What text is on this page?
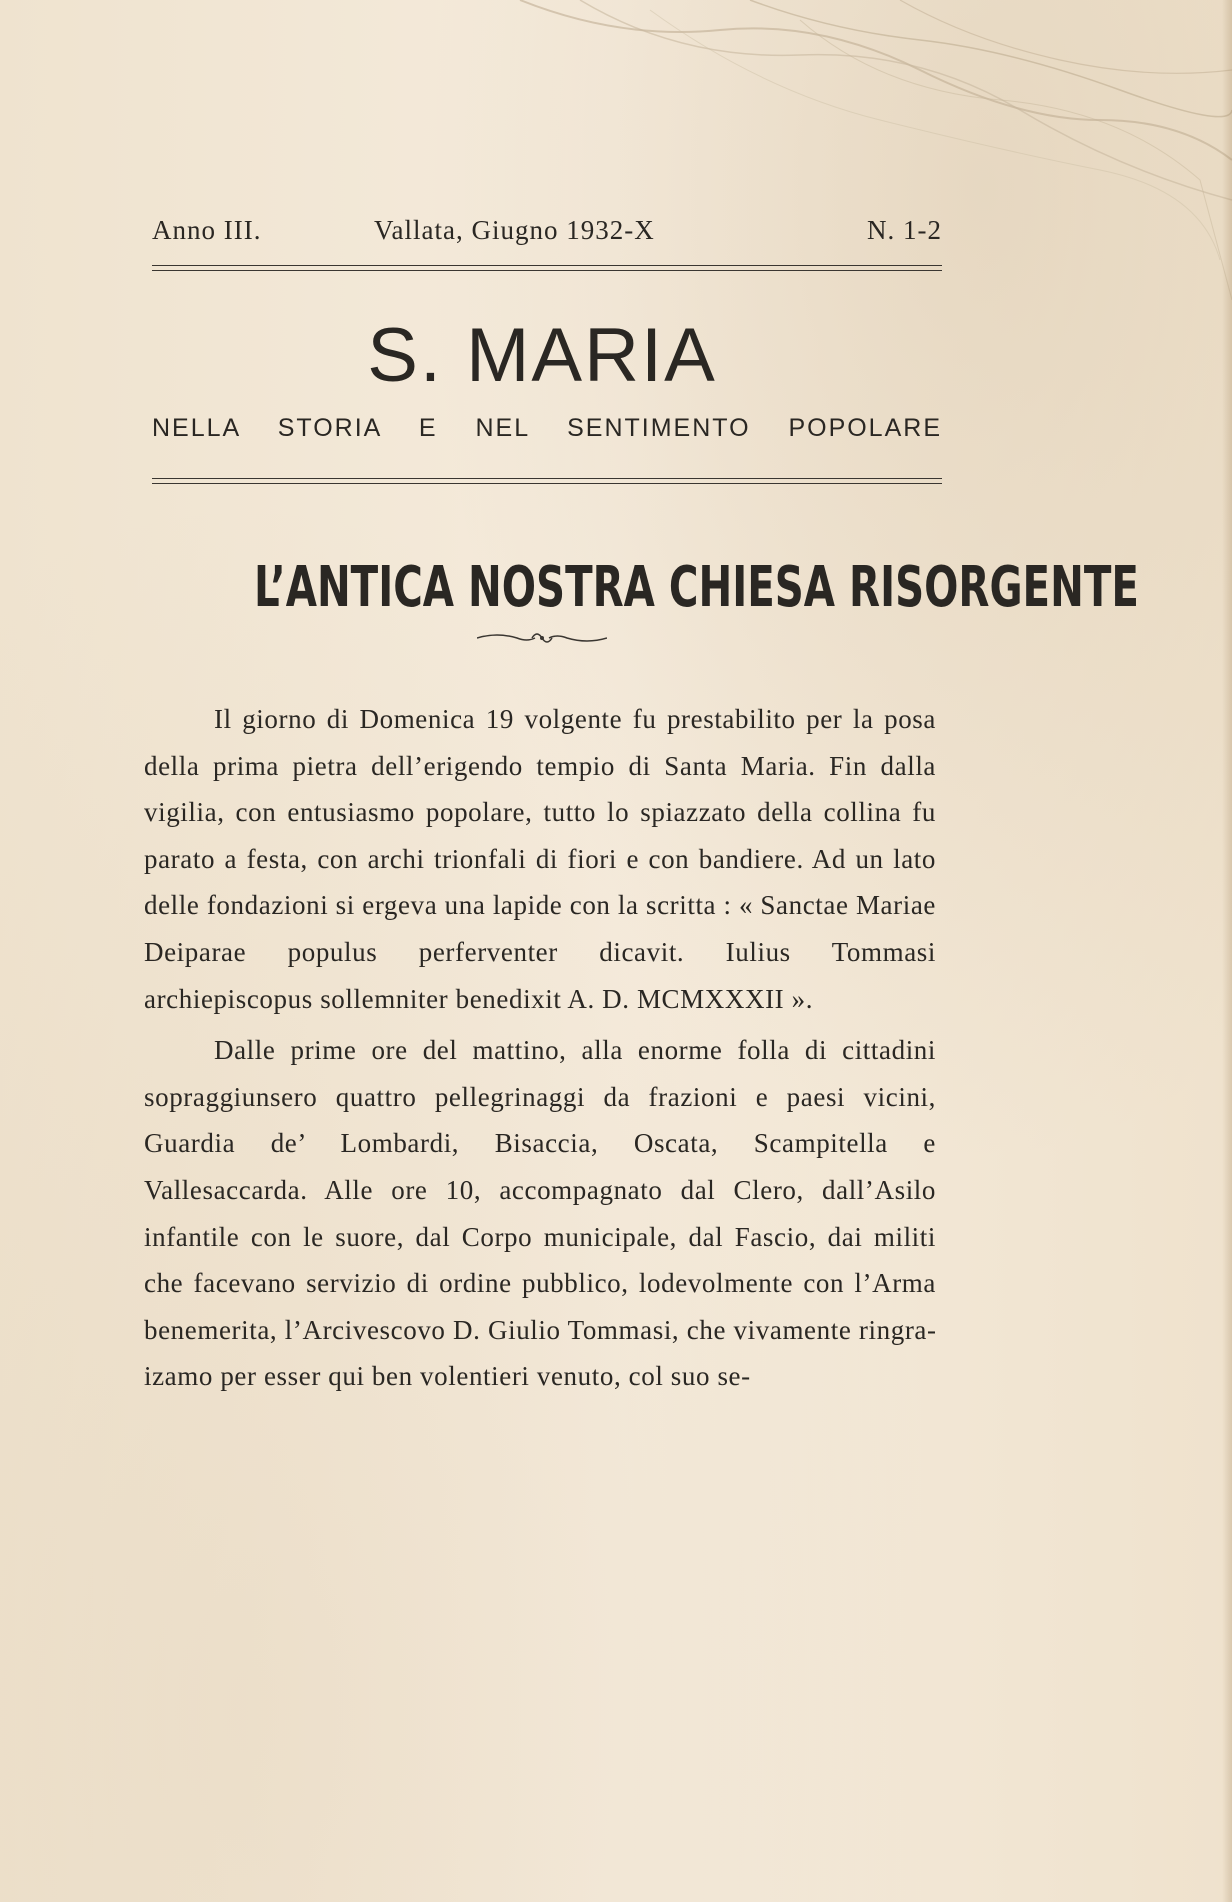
Anno III.	Vallata, Giugno 1932-X	N. 1-2
S. MARIA
NELLA STORIA E NEL SENTIMENTO POPOLARE
L’ANTICA NOSTRA CHIESA RISORGENTE

Il giorno di Domenica 19 volgente fu prestabilito per la posa della prima pietra dell’erigendo tempio di Santa Maria. Fin dalla vigilia, con entusiasmo popolare, tutto lo spiazzato della collina fu parato a festa, con archi trionfali di fiori e con bandiere. Ad un lato delle fondazioni si ergeva una lapide con la scritta : « Sanctae Mariae Deiparae populus perferventer dicavit. Iulius Tommasi archiepiscopus sollemniter benedixit A. D. MCMXXXII ».

Dalle prime ore del mattino, alla enorme folla di cittadini sopraggiunsero quattro pellegrinaggi da frazioni e paesi vicini, Guardia de’ Lombardi, Bisaccia, Oscata, Scampitella e Vallesaccarda. Alle ore 10, accompagnato dal Clero, dall’Asilo infantile con le suore, dal Corpo municipale, dal Fascio, dai militi che facevano servizio di ordine pubblico, lodevolmente con l’Arma benemerita, l’Arcivescovo D. Giulio Tommasi, che vivamente ringraizamo per esser qui ben volentieri venuto, col suo se-
